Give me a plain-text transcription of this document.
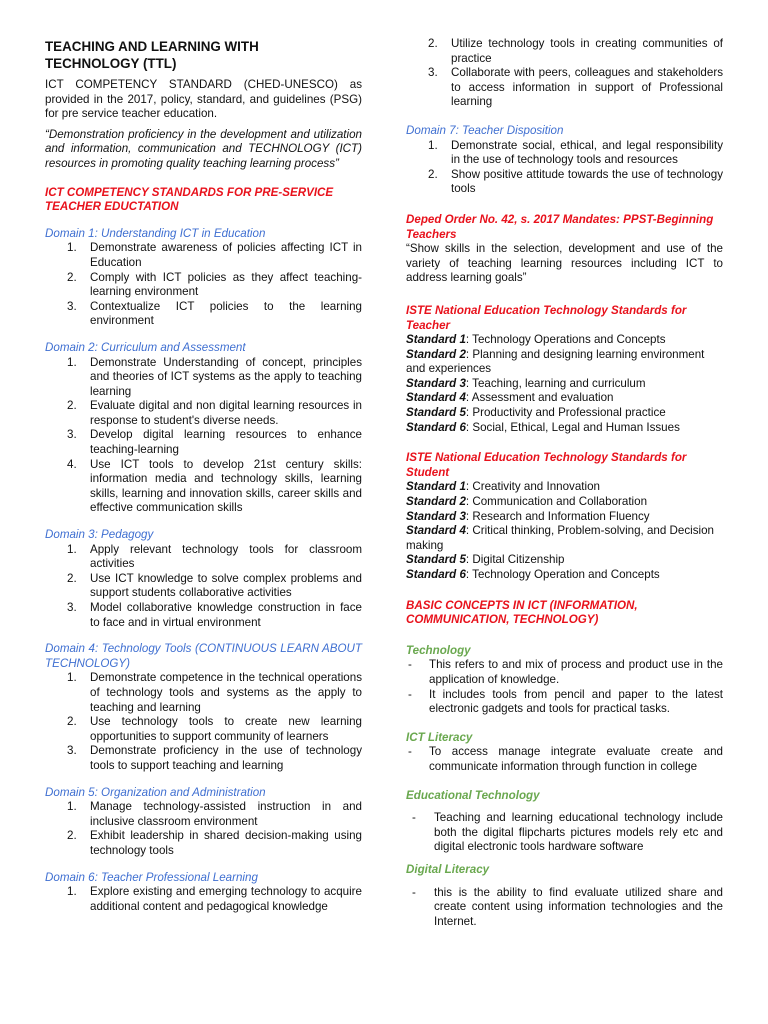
TEACHING AND LEARNING WITH
TECHNOLOGY (TTL)

ICT COMPETENCY STANDARD (CHED-UNESCO) as provided in the 2017, policy, standard, and guidelines (PSG) for pre service teacher education.

“Demonstration proficiency in the development and utilization and information, communication and TECHNOLOGY (ICT) resources in promoting quality teaching learning process”

ICT COMPETENCY STANDARDS FOR PRE-SERVICE TEACHER EDUCTATION
Domain 1: Understanding ICT in Education
1.	Demonstrate awareness of policies affecting ICT in Education
2.	Comply with ICT policies as they affect teaching-learning environment
3.	Contextualize ICT policies to the learning environment
Domain 2: Curriculum and Assessment
1.	Demonstrate Understanding of concept, principles and theories of ICT systems as the apply to teaching learning
2.	Evaluate digital and non digital learning resources in response to student's diverse needs.
3.	Develop digital learning resources to enhance teaching-learning
4.	Use ICT tools to develop 21st century skills: information media and technology skills, learning skills, learning and innovation skills, career skills and effective communication skills
Domain 3: Pedagogy
1.	Apply relevant technology tools for classroom activities
2.	Use ICT knowledge to solve complex problems and support students collaborative activities
3.	Model collaborative knowledge construction in face to face and in virtual environment
Domain 4: Technology Tools (CONTINUOUS LEARN ABOUT TECHNOLOGY)
1.	Demonstrate competence in the technical operations of technology tools and systems as the apply to teaching and learning
2.	Use technology tools to create new learning opportunities to support community of learners
3.	Demonstrate proficiency in the use of technology tools to support teaching and learning
Domain 5: Organization and Administration
1.	Manage technology-assisted instruction in and inclusive classroom environment
2.	Exhibit leadership in shared decision-making using technology tools
Domain 6: Teacher Professional Learning
1.	Explore existing and emerging technology to acquire additional content and pedagogical knowledge
2.	Utilize technology tools in creating communities of practice
3.	Collaborate with peers, colleagues and stakeholders to access information in support of Professional learning
Domain 7: Teacher Disposition
1.	Demonstrate social, ethical, and legal responsibility in the use of technology tools and resources
2.	Show positive attitude towards the use of technology tools
Deped Order No. 42, s. 2017 Mandates: PPST-Beginning Teachers

“Show skills in the selection, development and use of the variety of teaching learning resources including ICT to address learning goals”

ISTE National Education Technology Standards for Teacher
Standard 1: Technology Operations and Concepts
Standard 2: Planning and designing learning environment and experiences
Standard 3: Teaching, learning and curriculum
Standard 4: Assessment and evaluation
Standard 5: Productivity and Professional practice
Standard 6: Social, Ethical, Legal and Human Issues
ISTE National Education Technology Standards for Student
Standard 1: Creativity and Innovation
Standard 2: Communication and Collaboration
Standard 3: Research and Information Fluency
Standard 4: Critical thinking, Problem-solving, and Decision making
Standard 5: Digital Citizenship
Standard 6: Technology Operation and Concepts
BASIC CONCEPTS IN ICT (INFORMATION, COMMUNICATION, TECHNOLOGY)
Technology
-	This refers to and mix of process and product use in the application of knowledge.
-	It includes tools from pencil and paper to the latest electronic gadgets and tools for practical tasks.
ICT Literacy
-	To access manage integrate evaluate create and communicate information through function in college
Educational Technology
-	Teaching and learning educational technology include both the digital flipcharts pictures models rely etc and digital electronic tools hardware software
Digital Literacy
-	this is the ability to find evaluate utilized share and create content using information technologies and the Internet.
